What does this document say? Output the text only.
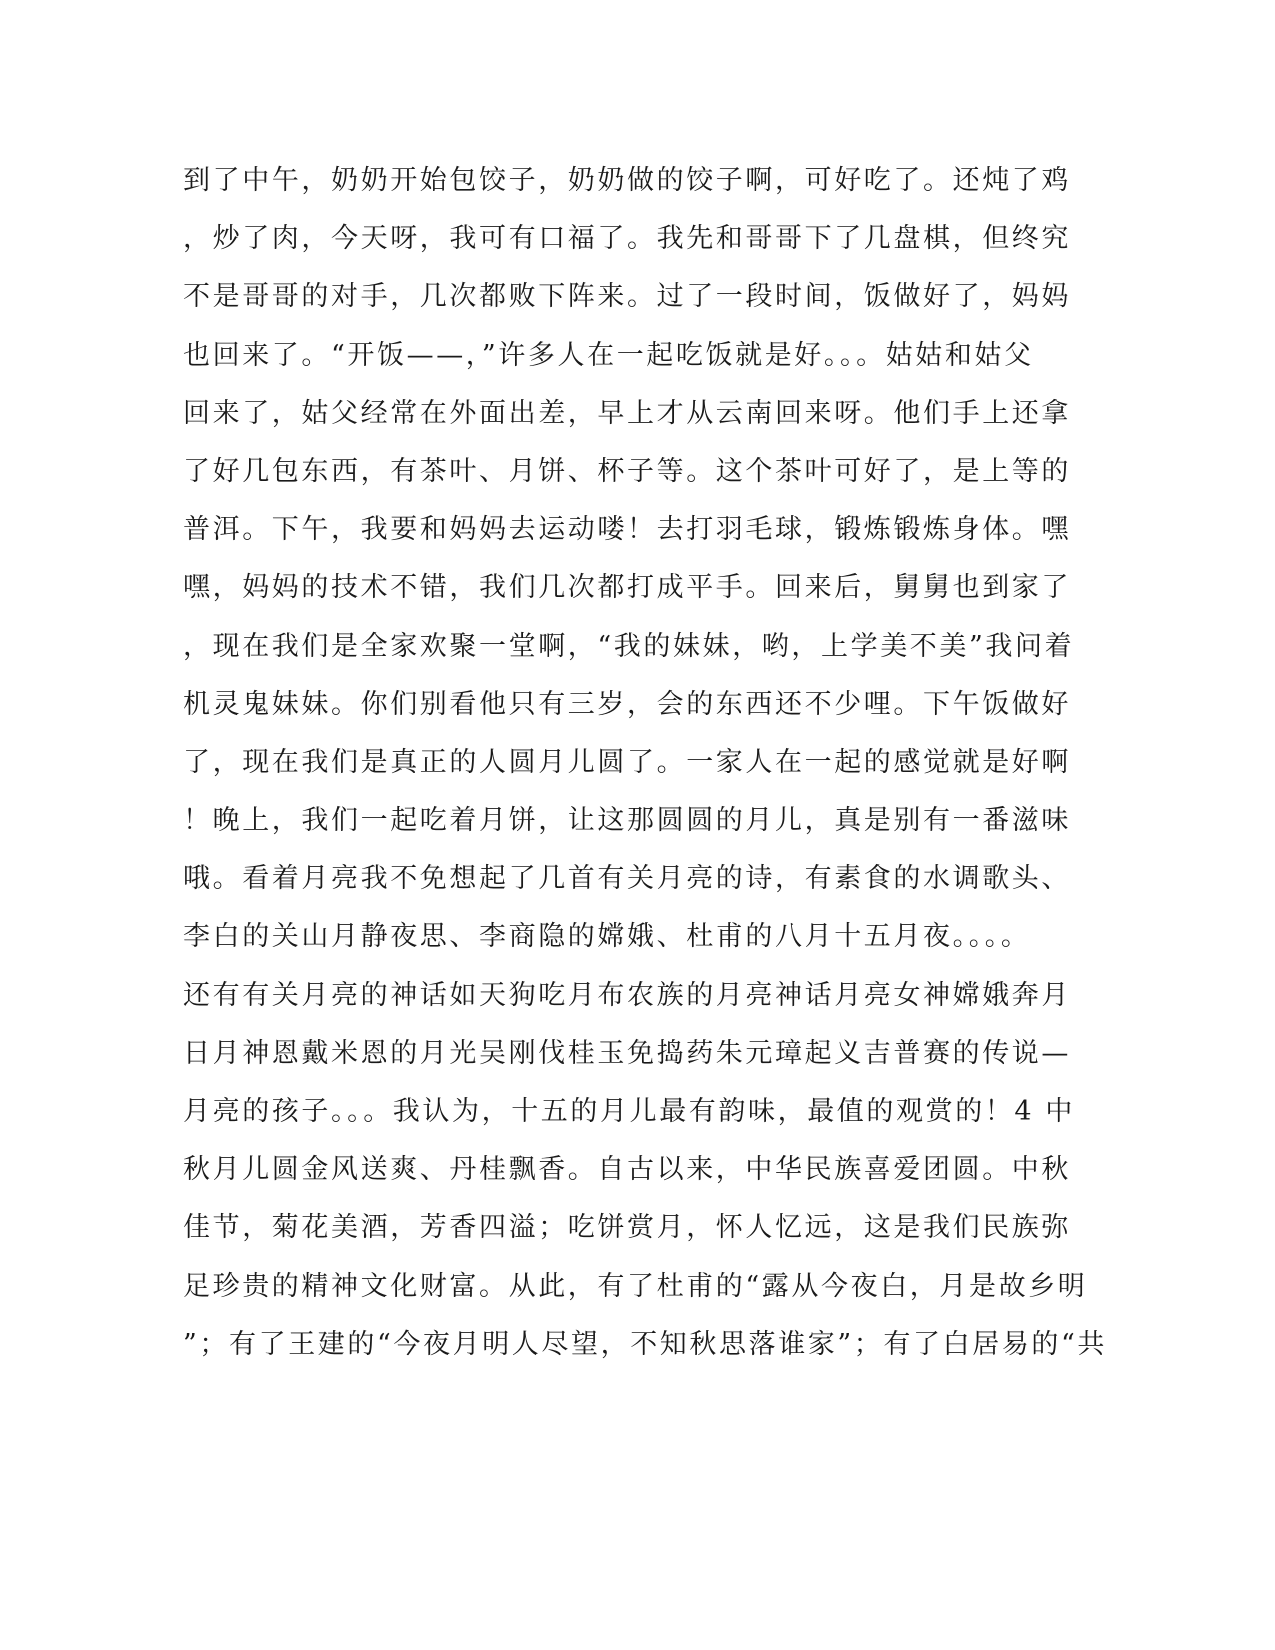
到了中午，奶奶开始包饺子，奶奶做的饺子啊，可好吃了。还炖了鸡
，炒了肉，今天呀，我可有口福了。我先和哥哥下了几盘棋，但终究
不是哥哥的对手，几次都败下阵来。过了一段时间，饭做好了，妈妈
也回来了。“开饭——，”许多人在一起吃饭就是好。。。姑姑和姑父
回来了，姑父经常在外面出差，早上才从云南回来呀。他们手上还拿
了好几包东西，有茶叶、月饼、杯子等。这个茶叶可好了，是上等的
普洱。下午，我要和妈妈去运动喽！去打羽毛球，锻炼锻炼身体。嘿
嘿，妈妈的技术不错，我们几次都打成平手。回来后，舅舅也到家了
，现在我们是全家欢聚一堂啊，“我的妹妹，哟，上学美不美”我问着
机灵鬼妹妹。你们别看他只有三岁，会的东西还不少哩。下午饭做好
了，现在我们是真正的人圆月儿圆了。一家人在一起的感觉就是好啊
！晚上，我们一起吃着月饼，让这那圆圆的月儿，真是别有一番滋味
哦。看着月亮我不免想起了几首有关月亮的诗，有素食的水调歌头、
李白的关山月静夜思、李商隐的嫦娥、杜甫的八月十五月夜。。。。
还有有关月亮的神话如天狗吃月布农族的月亮神话月亮女神嫦娥奔月
日月神恩戴米恩的月光吴刚伐桂玉免捣药朱元璋起义吉普赛的传说—
月亮的孩子。。。我认为，十五的月儿最有韵味，最值的观赏的！4 中
秋月儿圆金风送爽、丹桂飘香。自古以来，中华民族喜爱团圆。中秋
佳节，菊花美酒，芳香四溢；吃饼赏月，怀人忆远，这是我们民族弥
足珍贵的精神文化财富。从此，有了杜甫的“露从今夜白，月是故乡明
”；有了王建的“今夜月明人尽望，不知秋思落谁家”；有了白居易的“共
